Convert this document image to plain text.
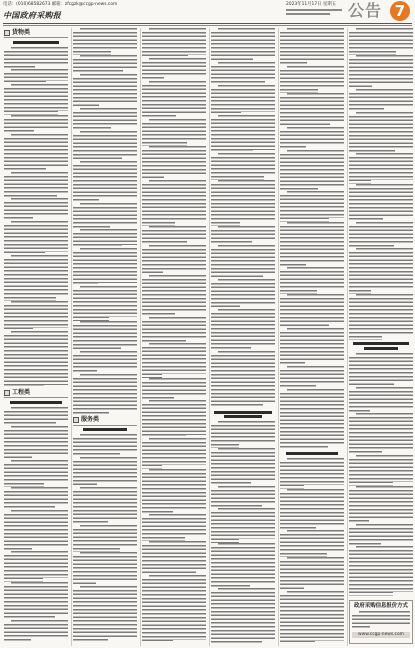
电话：(010)68582673 邮箱：zfcgzk@ccgp-news.com
中国政府采购报
2023年11月17日 星期五 公告 7
货物类
工程类
服务类
政府采购信息报价方式
www.ccgp-news.com
